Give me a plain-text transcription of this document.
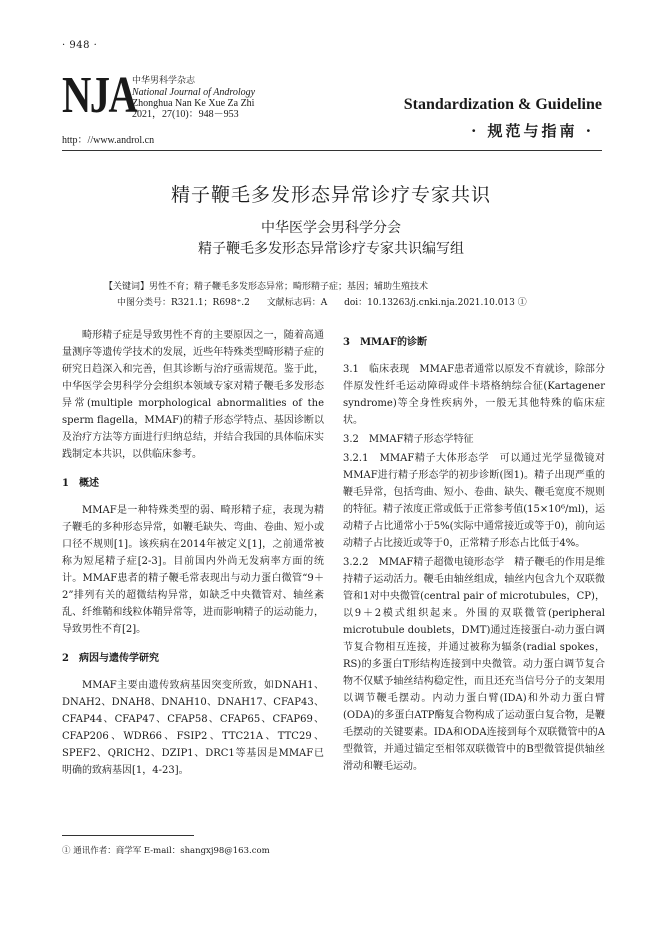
· 948 ·
NJA
中华男科学杂志
National Journal of Andrology
Zhonghua Nan Ke Xue Za Zhi
2021，27(10)：948－953
http：//www.androl.cn
Standardization & Guideline
· 规范与指南 ·
精子鞭毛多发形态异常诊疗专家共识
中华医学会男科学分会
精子鞭毛多发形态异常诊疗专家共识编写组
【关键词】男性不育；精子鞭毛多发形态异常；畸形精子症；基因；辅助生殖技术
中图分类号：R321.1；R698⁺.2 文献标志码：A doi：10.13263/j.cnki.nja.2021.10.013 ①

畸形精子症是导致男性不育的主要原因之一，随着高通量测序等遗传学技术的发展，近些年特殊类型畸形精子症的研究日趋深入和完善，但其诊断与治疗亟需规范。鉴于此，中华医学会男科学分会组织本领域专家对精子鞭毛多发形态异常(multiple morphological abnormalities of the sperm flagella，MMAF)的精子形态学特点、基因诊断以及治疗方法等方面进行归纳总结，并结合我国的具体临床实践制定本共识，以供临床参考。

1　概述

MMAF是一种特殊类型的弱、畸形精子症，表现为精子鞭毛的多种形态异常，如鞭毛缺失、弯曲、卷曲、短小或口径不规则[1]。该疾病在2014年被定义[1]，之前通常被称为短尾精子症[2-3]。目前国内外尚无发病率方面的统计。MMAF患者的精子鞭毛常表现出与动力蛋白微管“9＋2”排列有关的超微结构异常，如缺乏中央微管对、轴丝紊乱、纤维鞘和线粒体鞘异常等，进而影响精子的运动能力，导致男性不育[2]。

2　病因与遗传学研究

MMAF主要由遗传致病基因突变所致，如DNAH1、DNAH2、DNAH8、DNAH10、DNAH17、CFAP43、CFAP44、CFAP47、CFAP58、CFAP65、CFAP69、CFAP206、WDR66、FSIP2、TTC21A、TTC29、SPEF2、QRICH2、DZIP1、DRC1等基因是MMAF已明确的致病基因[1，4-23]。

3　MMAF的诊断

3.1　临床表现　MMAF患者通常以原发不育就诊，除部分伴原发性纤毛运动障碍或伴卡塔格纳综合征(Kartagener syndrome)等全身性疾病外，一般无其他特殊的临床症状。

3.2　MMAF精子形态学特征

3.2.1　MMAF精子大体形态学　可以通过光学显微镜对MMAF进行精子形态学的初步诊断(图1)。精子出现严重的鞭毛异常，包括弯曲、短小、卷曲、缺失、鞭毛宽度不规则的特征。精子浓度正常或低于正常参考值(15×10⁶/ml)，运动精子占比通常小于5%(实际中通常接近或等于0)，前向运动精子占比接近或等于0，正常精子形态占比低于4%。

3.2.2　MMAF精子超微电镜形态学　精子鞭毛的作用是维持精子运动活力。鞭毛由轴丝组成，轴丝内包含九个双联微管和1对中央微管(central pair of microtubules，CP)，以9＋2模式组织起来。外围的双联微管(peripheral microtubule doublets，DMT)通过连接蛋白-动力蛋白调节复合物相互连接，并通过被称为辐条(radial spokes，RS)的多蛋白T形结构连接到中央微管。动力蛋白调节复合物不仅赋予轴丝结构稳定性，而且还充当信号分子的支架用以调节鞭毛摆动。内动力蛋白臂(IDA)和外动力蛋白臂(ODA)的多蛋白ATP酶复合物构成了运动蛋白复合物，是鞭毛摆动的关键要素。IDA和ODA连接到每个双联微管中的A型微管，并通过锚定至相邻双联微管中的B型微管提供轴丝滑动和鞭毛运动。

① 通讯作者：商学军 E-mail：shangxj98@163.com
